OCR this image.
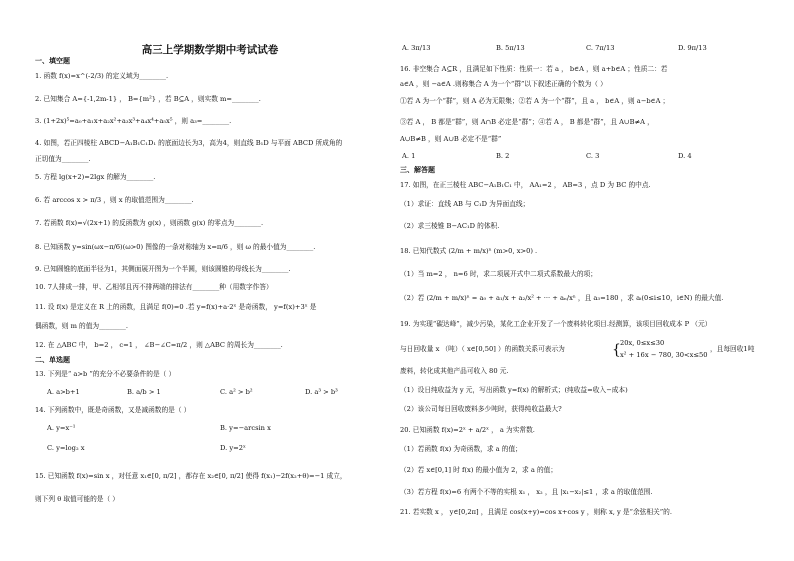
高三上学期数学期中考试试卷
一、填空题
1. 函数 f(x)=x^(-2/3) 的定义域为________.
2. 已知集合 A={-1,2m-1} ， B={m²} ，若 B⊆A ，则实数 m=________.
3. (1+2x)⁵=a₀+a₁x+a₂x²+a₃x³+a₄x⁴+a₅x⁵ ，则 a₃=________.
4. 如图，若正四棱柱 ABCD−A₁B₁C₁D₁ 的底面边长为3，高为4，则直线 B₁D 与平面 ABCD 所成角的
正切值为________.
5. 方程 lg(x+2)=2lgx 的解为________.
6. 若 arccos x > π/3 ，则 x 的取值范围为________.
7. 若函数 f(x)=√(2x+1) 的反函数为 g(x) ，则函数 g(x) 的零点为________.
8. 已知函数 y=sin(ωx−π/6)(ω>0) 图像的一条对称轴为 x=π/6 ，则 ω 的最小值为________.
9. 已知圆锥的底面半径为1，其侧面展开图为一个半圆，则该圆锥的母线长为________.
10. 7人排成一排，甲、乙相邻且丙不排两端的排法有________种（用数字作答）
11. 设 f(x) 是定义在 R 上的函数，且满足 f(0)=0 .若 y=f(x)+a·2ˣ 是奇函数， y=f(x)+3ˣ 是
偶函数，则 m 的值为________.
12. 在 △ABC 中， b=2 ， c=1 ， ∠B−∠C=π/2 ，则 △ABC 的周长为________.
二、单选题
13. 下列是“ a>b ”的充分不必要条件的是（ ）
A. a>b+1	B. a/b > 1	C. a² > b²	D. a³ > b³
14. 下列函数中，既是奇函数，又是减函数的是（ ）
A. y=x⁻¹	B. y=−arcsin x
C. y=log₂ x	D. y=2ˣ
15. 已知函数 f(x)=sin x ，对任意 x₁∈[0, π/2] ，都存在 x₂∈[0, π/2] 使得 f(x₁)−2f(x₂+θ)=−1 成立，
则下列 θ 取值可能的是（ ）
A. 3π/13	B. 5π/13	C. 7π/13	D. 9π/13
16. 非空集合 A⊆R ，且满足如下性质：性质一：若 a ， b∈A ，则 a+b∈A ；性质二：若
a∈A ，则 −a∈A .则称集合 A 为一个“群”以下叙述正确的个数为（ ）
①若 A 为一个“群”，则 A 必为无限集；②若 A 为一个“群”，且 a ， b∈A ，则 a−b∈A ；
③若 A ， B 都是“群”，则 A∩B 必定是“群”；④若 A ， B 都是“群”，且 A∪B≠A ，
A∪B≠B ，则 A∪B 必定不是“群”
A. 1	B. 2	C. 3	D. 4
三、解答题
17. 如图，在正三棱柱 ABC−A₁B₁C₁ 中， AA₁=2 ， AB=3 ，点 D 为 BC 的中点.
（1）求证：直线 AB 与 C₁D 为异面直线；
（2）求三棱锥 B−AC₁D 的体积.
18. 已知代数式 (2/m + m/x)ⁿ (m>0, x>0) .
（1）当 m=2 ， n=6 时，求二项展开式中二项式系数最大的项；
（2）若 (2/m + m/x)ⁿ = a₀ + a₁/x + a₂/x² + ··· + aₙ/xⁿ ，且 a₃=180 ，求 aᵢ(0≤i≤10，i∈N) 的最大值.
19. 为实现“碳达峰”，减少污染，某化工企业开发了一个废料转化项目.经测算，该项目回收成本 P （元）
与日回收量 x （吨）（ x∈[0,50] ）的函数关系可表示为
20x, 0≤x≤30
x² + 16x − 780, 30<x≤50
{	，且每回收1吨
废料，转化成其他产品可收入 80 元.
（1）设日纯收益为 y 元，写出函数 y=f(x) 的解析式；(纯收益=收入−成本)
（2）该公司每日回收废料多少吨时，获得纯收益最大?
20. 已知函数 f(x)=2ˣ + a/2ˣ ， a 为实常数.
（1）若函数 f(x) 为奇函数，求 a 的值；
（2）若 x∈[0,1] 时 f(x) 的最小值为 2，求 a 的值；
（3）若方程 f(x)=6 有两个不等的实根 x₁ ， x₂ ，且 |x₁−x₂|≤1 ，求 a 的取值范围.
21. 若实数 x ， y∈[0,2π] ，且满足 cos(x+y)=cos x+cos y ，则称 x, y 是“余弦相关”的.
